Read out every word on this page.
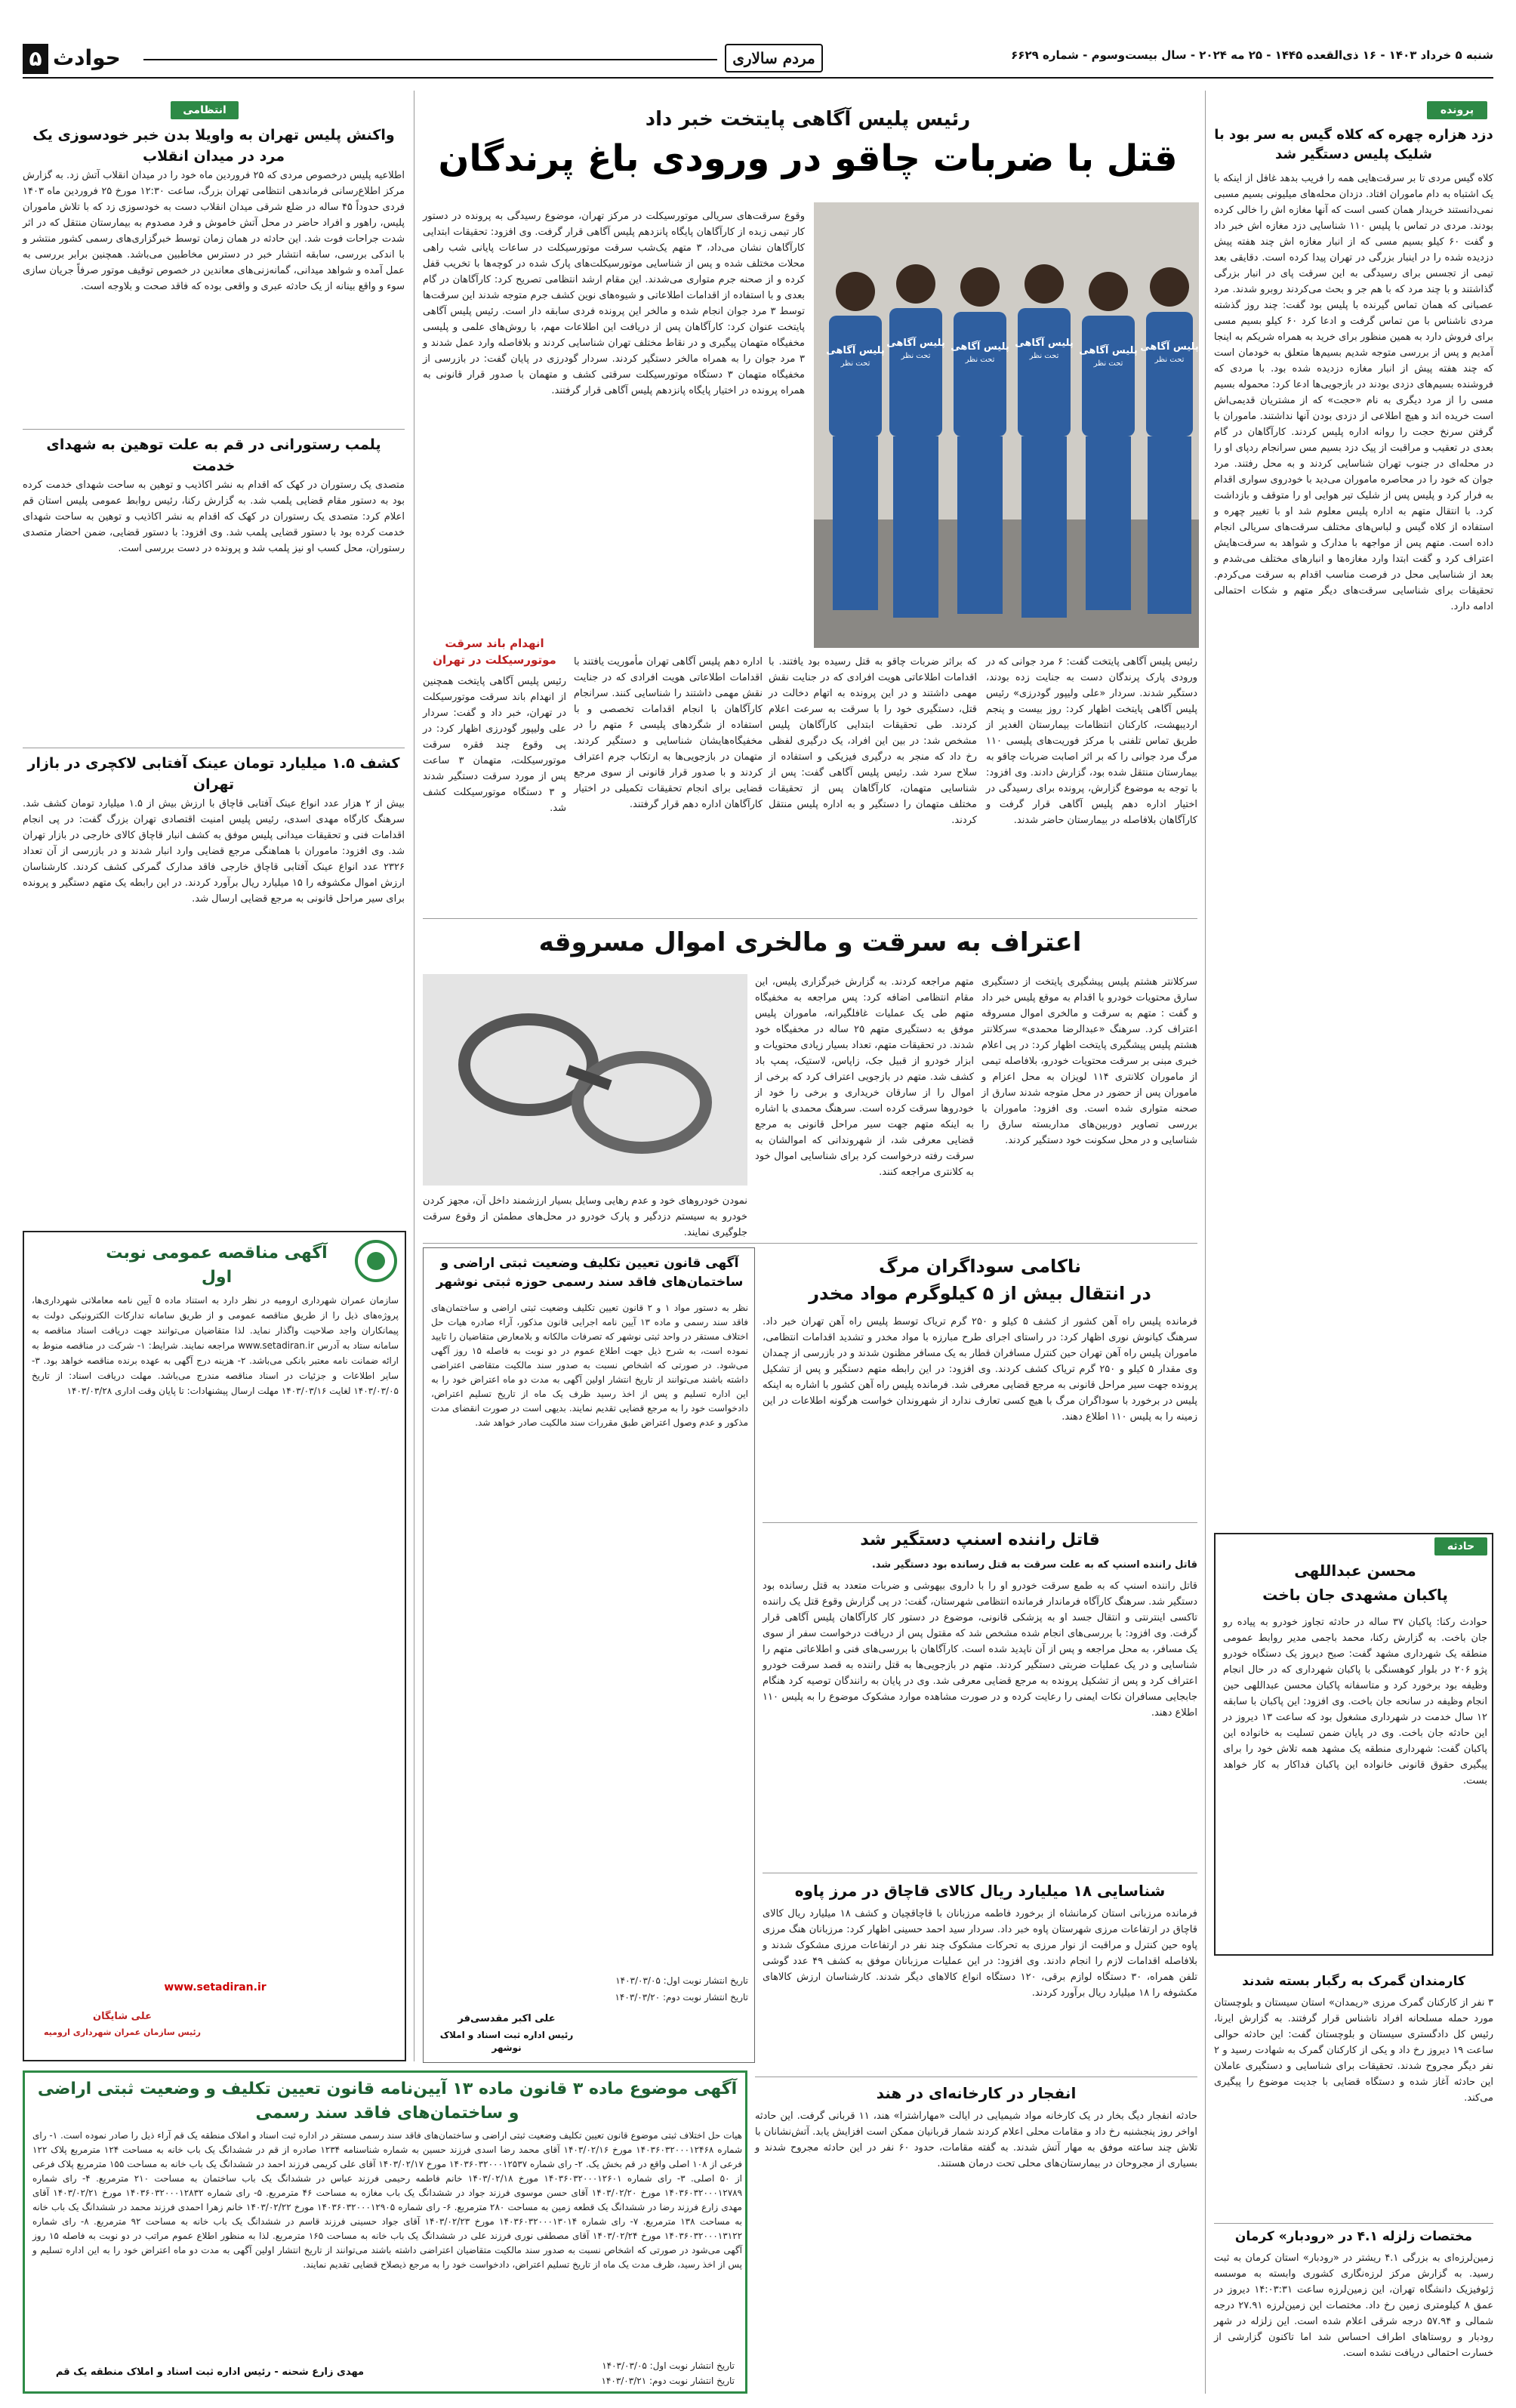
۵ حوادث	مردم سالاری	شنبه ۵ خرداد ۱۴۰۳ - ۱۶ ذی‌القعده ۱۴۴۵ - ۲۵ مه ۲۰۲۴ - سال بیست‌وسوم - شماره ۶۶۲۹
پرونده
دزد هزاره چهره که کلاه گیس به سر بود با شلیک پلیس دستگیر شد
کلاه گیس مردی تا بر سرقت‌هایی همه را فریب بدهد غافل از اینکه با یک اشتباه به دام ماموران افتاد. دزدان محله‌های میلیونی بسیم مسبی نمی‌دانستند خریدار همان کسی است که آنها مغازه اش را خالی کرده بودند. مردی در تماس با پلیس ۱۱۰ شناسایی دزد مغازه اش خبر داد و گفت ۶۰ کیلو بسیم مسی که از انبار مغازه اش چند هفته پیش دزدیده شده را در اینبار بزرگی در تهران پیدا کرده است. دقایقی بعد تیمی از تجسس برای رسیدگی به این سرقت پای در انبار بزرگی گذاشتند و با چند مرد که با هم جر و بحث می‌کردند روبرو شدند. مرد عصبانی که همان تماس گیرنده با پلیس بود گفت: چند روز گذشته مردی ناشناس با من تماس گرفت و ادعا کرد ۶۰ کیلو بسیم مسی برای فروش دارد به همین منظور برای خرید به همراه شریکم به اینجا آمدیم و پس از بررسی متوجه شدیم بسیم‌ها متعلق به خودمان است که چند هفته پیش از انبار مغازه دزدیده شده بود. با مردی که فروشنده بسیم‌های دزدی بودند در بازجویی‌ها ادعا کرد: محموله بسیم مسی را از مرد دیگری به نام «حجت» که از مشتریان قدیمی‌اش است خریده اند و هیچ اطلاعی از دزدی بودن آنها نداشتند. ماموران با گرفتن سرنخ حجت را روانه اداره پلیس کردند. کارآگاهان در گام بعدی در تعقیب و مراقبت از پیک دزد بسیم مس سرانجام ردپای او را در محله‌ای در جنوب تهران شناسایی کردند و به محل رفتند. مرد جوان که خود را در محاصره ماموران می‌دید با خودروی سواری اقدام به فرار کرد و پلیس پس از شلیک تیر هوایی او را متوقف و بازداشت کرد. با انتقال متهم به اداره پلیس معلوم شد او با تغییر چهره و استفاده از کلاه گیس و لباس‌های مختلف سرقت‌های سریالی انجام داده است. متهم پس از مواجهه با مدارک و شواهد به سرقت‌هایش اعتراف کرد و گفت ابتدا وارد مغازه‌ها و انبارهای مختلف می‌شدم و بعد از شناسایی محل در فرصت مناسب اقدام به سرقت می‌کردم. تحقیقات برای شناسایی سرقت‌های دیگر متهم و شکات احتمالی ادامه دارد.
حادثه
محسن عبداللهی
پاکبان مشهدی جان باخت
حوادث رکنا: پاکبان ۳۷ ساله در حادثه تجاوز خودرو به پیاده رو جان باخت. به گزارش رکنا، محمد باجمی مدیر روابط عمومی منطقه یک شهرداری مشهد گفت: صبح دیروز یک دستگاه خودرو پژو ۲۰۶ در بلوار کوهسنگی با پاکبان شهرداری که در حال انجام وظیفه بود برخورد کرد و متاسفانه پاکبان محسن عبداللهی حین انجام وظیفه در سانحه جان باخت. وی افزود: این پاکبان با سابقه ۱۲ سال خدمت در شهرداری مشغول بود که ساعت ۱۳ دیروز در این حادثه جان باخت. وی در پایان ضمن تسلیت به خانواده این پاکبان گفت: شهرداری منطقه یک مشهد همه تلاش خود را برای پیگیری حقوق قانونی خانواده این پاکبان فداکار به کار خواهد بست.
کارمندان گمرک به رگبار بسته شدند
۳ نفر از کارکنان گمرک مرزی «ریمدان» استان سیستان و بلوچستان مورد حمله مسلحانه افراد ناشناس قرار گرفتند. به گزارش ایرنا، رئیس کل دادگستری سیستان و بلوچستان گفت: این حادثه حوالی ساعت ۱۹ دیروز رخ داد و یکی از کارکنان گمرک به شهادت رسید و ۲ نفر دیگر مجروح شدند. تحقیقات برای شناسایی و دستگیری عاملان این حادثه آغاز شده و دستگاه قضایی با جدیت موضوع را پیگیری می‌کند.
مختصات زلزله ۴.۱ در «رودبار» کرمان
زمین‌لرزه‌ای به بزرگی ۴.۱ ریشتر در «رودبار» استان کرمان به ثبت رسید. به گزارش مرکز لرزه‌نگاری کشوری وابسته به موسسه ژئوفیزیک دانشگاه تهران، این زمین‌لرزه ساعت ۱۴:۰۳:۳۱ دیروز در عمق ۸ کیلومتری زمین رخ داد. مختصات این زمین‌لرزه ۲۷.۹۱ درجه شمالی و ۵۷.۹۴ درجه شرقی اعلام شده است. این زلزله در شهر رودبار و روستاهای اطراف احساس شد اما تاکنون گزارشی از خسارت احتمالی دریافت نشده است.
رئیس پلیس آگاهی پایتخت خبر داد
قتل با ضربات چاقو در ورودی باغ پرندگان
پلیس آگاهی
پلیس آگاهی پلیس آگاهی پلیس آگاهی
پلیس آگاهی پلیس آگاهی
تحت نظر
تحت نظر	تحت نظر	تحت نظر
تحت نظر	تحت نظر
وقوع سرقت‌های سریالی موتورسیکلت در مرکز تهران، موضوع رسیدگی به پرونده در دستور کار تیمی زبده از کارآگاهان پایگاه پانزدهم پلیس آگاهی قرار گرفت. وی افزود: تحقیقات ابتدایی کارآگاهان نشان می‌داد، ۳ متهم یک‌شب سرقت موتورسیکلت در ساعات پایانی شب راهی محلات مختلف شده و پس از شناسایی موتورسیکلت‌های پارک شده در کوچه‌ها با تخریب قفل کرده و از صحنه جرم متواری می‌شدند. این مقام ارشد انتظامی تصریح کرد: کارآگاهان در گام بعدی و با استفاده از اقدامات اطلاعاتی و شیوه‌های نوین کشف جرم متوجه شدند این سرقت‌ها توسط ۳ مرد جوان انجام شده و مالخر این پرونده فردی سابقه دار است. رئیس پلیس آگاهی پایتخت عنوان کرد: کارآگاهان پس از دریافت این اطلاعات مهم، با روش‌های علمی و پلیسی مخفیگاه متهمان پیگیری و در نقاط مختلف تهران شناسایی کردند و بلافاصله وارد عمل شدند و ۳ مرد جوان را به همراه مالخر دستگیر کردند. سردار گودرزی در پایان گفت: در بازرسی از مخفیگاه متهمان ۳ دستگاه موتورسیکلت سرقتی کشف و متهمان با صدور قرار قانونی به همراه پرونده در اختیار پایگاه پانزدهم پلیس آگاهی قرار گرفتند.
انهدام باند سرقت
موتورسیکلت در تهران	رئیس پلیس آگاهی پایتخت گفت: ۶ مرد جوانی که در ورودی پارک پرندگان دست به جنایت زده بودند، دستگیر شدند. سردار «علی ولیپور گودرزی» رئیس پلیس آگاهی پایتخت اظهار کرد: روز بیست و پنجم اردیبهشت، کارکنان انتظامات بیمارستان الغدیر از طریق تماس تلفنی با مرکز فوریت‌های پلیسی ۱۱۰ مرگ مرد جوانی را که بر اثر اصابت ضربات چاقو به بیمارستان منتقل شده بود، گزارش دادند. وی افزود: با توجه به موضوع گزارش، پرونده برای رسیدگی در اختیار اداره دهم پلیس آگاهی قرار گرفت و کارآگاهان بلافاصله در بیمارستان حاضر شدند.
که براثر ضربات چاقو به قتل رسیده بود یافتند. با اقدامات اطلاعاتی هویت افرادی که در جنایت نقش مهمی داشتند و در این پرونده به اتهام دخالت در قتل، دستگیری خود را با سرقت به سرعت اعلام کردند. طی تحقیقات ابتدایی کارآگاهان پلیس مشخص شد: در بین این افراد، یک درگیری لفظی رخ داد که منجر به درگیری فیزیکی و استفاده از سلاح سرد شد. رئیس پلیس آگاهی گفت: پس از شناسایی متهمان، کارآگاهان پس از تحقیقات مختلف متهمان را دستگیر و به اداره پلیس منتقل کردند.
اداره دهم پلیس آگاهی تهران مأموریت یافتند با اقدامات اطلاعاتی هویت افرادی که در جنایت نقش مهمی داشتند را شناسایی کنند. سرانجام کارآگاهان با انجام اقدامات تخصصی و با استفاده از شگردهای پلیسی ۶ متهم را در مخفیگاه‌هایشان شناسایی و دستگیر کردند. متهمان در بازجویی‌ها به ارتکاب جرم اعتراف کردند و با صدور قرار قانونی از سوی مرجع قضایی برای انجام تحقیقات تکمیلی در اختیار کارآگاهان اداره دهم قرار گرفتند.
رئیس پلیس آگاهی پایتخت همچنین از انهدام باند سرقت موتورسیکلت در تهران، خبر داد و گفت: سردار علی ولیپور گودرزی اظهار کرد: در پی وقوع چند فقره سرقت موتورسیکلت، متهمان ۳ ساعت پس از مورد سرقت دستگیر شدند و ۳ دستگاه موتورسیکلت کشف شد.
اعتراف به سرقت و مالخری اموال مسروقه
سرکلانتر هشتم پلیس پیشگیری پایتخت از دستگیری سارق محتویات خودرو با اقدام به موقع پلیس خبر داد و گفت : متهم به سرقت و مالخری اموال مسروقه اعتراف کرد. سرهنگ «عبدالرضا محمدی» سرکلانتر هشتم پلیس پیشگیری پایتخت اظهار کرد: در پی اعلام خبری مبنی بر سرقت محتویات خودرو، بلافاصله تیمی از ماموران کلانتری ۱۱۴ لویزان به محل اعزام و ماموران پس از حضور در محل متوجه شدند سارق از صحنه متواری شده است. وی افزود: ماموران با بررسی تصاویر دوربین‌های مداربسته سارق را شناسایی و در محل سکونت خود دستگیر کردند.
متهم مراجعه کردند. به گزارش خبرگزاری پلیس، این مقام انتظامی اضافه کرد: پس مراجعه به مخفیگاه متهم طی یک عملیات غافلگیرانه، ماموران پلیس موفق به دستگیری متهم ۲۵ ساله در مخفیگاه خود شدند. در تحقیقات متهم، تعداد بسیار زیادی محتویات و ابزار خودرو از قبیل جک، زاپاس، لاستیک، پمپ باد کشف شد. متهم در بازجویی اعتراف کرد که برخی از اموال را از سارقان خریداری و برخی را خود از خودروها سرقت کرده است. سرهنگ محمدی با اشاره به اینکه متهم جهت سیر مراحل قانونی به مرجع قضایی معرفی شد، از شهروندانی که اموالشان به سرقت رفته درخواست کرد برای شناسایی اموال خود به کلانتری مراجعه کنند.
نمودن خودروهای خود و عدم رهایی وسایل بسیار ارزشمند داخل آن، مجهز کردن خودرو به سیستم دزدگیر و پارک خودرو در محل‌های مطمئن از وقوع سرقت جلوگیری نمایند.
آگهی قانون تعیین تکلیف وضعیت ثبتی اراضی و ساختمان‌های فاقد سند رسمی حوزه ثبتی نوشهر
نظر به دستور مواد ۱ و ۲ قانون تعیین تکلیف وضعیت ثبتی اراضی و ساختمان‌های فاقد سند رسمی و ماده ۱۳ آیین نامه اجرایی قانون مذکور، آراء صادره هیات حل اختلاف مستقر در واحد ثبتی نوشهر که تصرفات مالکانه و بلامعارض متقاضیان را تایید نموده است، به شرح ذیل جهت اطلاع عموم در دو نوبت به فاصله ۱۵ روز آگهی می‌شود. در صورتی که اشخاص نسبت به صدور سند مالکیت متقاضی اعتراضی داشته باشند می‌توانند از تاریخ انتشار اولین آگهی به مدت دو ماه اعتراض خود را به این اداره تسلیم و پس از اخذ رسید ظرف یک ماه از تاریخ تسلیم اعتراض، دادخواست خود را به مرجع قضایی تقدیم نمایند. بدیهی است در صورت انقضای مدت مذکور و عدم وصول اعتراض طبق مقررات سند مالکیت صادر خواهد شد.
تاریخ انتشار نوبت اول: ۱۴۰۳/۰۳/۰۵
تاریخ انتشار نوبت دوم: ۱۴۰۳/۰۳/۲۰
علی اکبر مقدسی‌فر
رئیس اداره ثبت اسناد و املاک نوشهر
ناکامی سوداگران مرگ
در انتقال بیش از ۵ کیلوگرم مواد مخدر
فرمانده پلیس راه آهن کشور از کشف ۵ کیلو و ۲۵۰ گرم تریاک توسط پلیس راه آهن تهران خبر داد. سرهنگ کیانوش نوری اظهار کرد: در راستای اجرای طرح مبارزه با مواد مخدر و تشدید اقدامات انتظامی، ماموران پلیس راه آهن تهران حین کنترل مسافران قطار به یک مسافر مظنون شدند و در بازرسی از چمدان وی مقدار ۵ کیلو و ۲۵۰ گرم تریاک کشف کردند. وی افزود: در این رابطه متهم دستگیر و پس از تشکیل پرونده جهت سیر مراحل قانونی به مرجع قضایی معرفی شد. فرمانده پلیس راه آهن کشور با اشاره به اینکه پلیس در برخورد با سوداگران مرگ با هیچ کسی تعارف ندارد از شهروندان خواست هرگونه اطلاعات در این زمینه را به پلیس ۱۱۰ اطلاع دهند.
قاتل راننده اسنپ دستگیر شد
قاتل راننده اسنپ که به علت سرقت به قتل رسانده بود دستگیر شد.
قاتل راننده اسنپ که به طمع سرقت خودرو او را با داروی بیهوشی و ضربات متعدد به قتل رسانده بود دستگیر شد. سرهنگ کارآگاه فرماندار فرمانده انتظامی شهرستان، گفت: در پی گزارش وقوع قتل یک راننده تاکسی اینترنتی و انتقال جسد او به پزشکی قانونی، موضوع در دستور کار کارآگاهان پلیس آگاهی قرار گرفت. وی افزود: با بررسی‌های انجام شده مشخص شد که مقتول پس از دریافت درخواست سفر از سوی یک مسافر، به محل مراجعه و پس از آن ناپدید شده است. کارآگاهان با بررسی‌های فنی و اطلاعاتی متهم را شناسایی و در یک عملیات ضربتی دستگیر کردند. متهم در بازجویی‌ها به قتل راننده به قصد سرقت خودرو اعتراف کرد و پس از تشکیل پرونده به مرجع قضایی معرفی شد. وی در پایان به رانندگان توصیه کرد هنگام جابجایی مسافران نکات ایمنی را رعایت کرده و در صورت مشاهده موارد مشکوک موضوع را به پلیس ۱۱۰ اطلاع دهند.
آگهی موضوع ماده ۳ قانون ماده ۱۳ آیین‌نامه قانون تعیین تکلیف و وضعیت ثبتی اراضی و ساختمان‌های فاقد سند رسمی
هیات حل اختلاف ثبتی موضوع قانون تعیین تکلیف وضعیت ثبتی اراضی و ساختمان‌های فاقد سند رسمی مستقر در اداره ثبت اسناد و املاک منطقه یک قم آراء ذیل را صادر نموده است. ۱- رای شماره ۱۴۰۳۶۰۳۲۰۰۰۱۲۴۶۸ مورخ ۱۴۰۳/۰۲/۱۶ آقای محمد رضا اسدی فرزند حسین به شماره شناسنامه ۱۲۳۴ صادره از قم در ششدانگ یک باب خانه به مساحت ۱۲۴ مترمربع پلاک ۱۲۲ فرعی از ۱۰۸ اصلی واقع در قم بخش یک. ۲- رای شماره ۱۴۰۳۶۰۳۲۰۰۰۱۲۵۳۷ مورخ ۱۴۰۳/۰۲/۱۷ آقای علی کریمی فرزند احمد در ششدانگ یک باب خانه به مساحت ۱۵۵ مترمربع پلاک فرعی از ۵۰ اصلی. ۳- رای شماره ۱۴۰۳۶۰۳۲۰۰۰۱۲۶۰۱ مورخ ۱۴۰۳/۰۲/۱۸ خانم فاطمه رحیمی فرزند عباس در ششدانگ یک باب ساختمان به مساحت ۲۱۰ مترمربع. ۴- رای شماره ۱۴۰۳۶۰۳۲۰۰۰۱۲۷۸۹ مورخ ۱۴۰۳/۰۲/۲۰ آقای حسن موسوی فرزند جواد در ششدانگ یک باب مغازه به مساحت ۴۶ مترمربع. ۵- رای شماره ۱۴۰۳۶۰۳۲۰۰۰۱۲۸۳۲ مورخ ۱۴۰۳/۰۲/۲۱ آقای مهدی زارع فرزند رضا در ششدانگ یک قطعه زمین به مساحت ۲۸۰ مترمربع. ۶- رای شماره ۱۴۰۳۶۰۳۲۰۰۰۱۲۹۰۵ مورخ ۱۴۰۳/۰۲/۲۲ خانم زهرا احمدی فرزند محمد در ششدانگ یک باب خانه به مساحت ۱۳۸ مترمربع. ۷- رای شماره ۱۴۰۳۶۰۳۲۰۰۰۱۳۰۱۴ مورخ ۱۴۰۳/۰۲/۲۳ آقای جواد حسینی فرزند قاسم در ششدانگ یک باب خانه به مساحت ۹۲ مترمربع. ۸- رای شماره ۱۴۰۳۶۰۳۲۰۰۰۱۳۱۲۲ مورخ ۱۴۰۳/۰۲/۲۴ آقای مصطفی نوری فرزند علی در ششدانگ یک باب خانه به مساحت ۱۶۵ مترمربع. لذا به منظور اطلاع عموم مراتب در دو نوبت به فاصله ۱۵ روز آگهی می‌شود در صورتی که اشخاص نسبت به صدور سند مالکیت متقاضیان اعتراضی داشته باشند می‌توانند از تاریخ انتشار اولین آگهی به مدت دو ماه اعتراض خود را به این اداره تسلیم و پس از اخذ رسید، ظرف مدت یک ماه از تاریخ تسلیم اعتراض، دادخواست خود را به مرجع ذیصلاح قضایی تقدیم نمایند.
تاریخ انتشار نوبت اول: ۱۴۰۳/۰۳/۰۵
تاریخ انتشار نوبت دوم: ۱۴۰۳/۰۳/۲۱
مهدی زارع شحنه - رئیس اداره ثبت اسناد و املاک منطقه یک قم
شناسایی ۱۸ میلیارد ریال کالای قاچاق در مرز پاوه
فرمانده مرزبانی استان کرمانشاه از برخورد فاطمه مرزبانان با قاچاقچیان و کشف ۱۸ میلیارد ریال کالای قاچاق در ارتفاعات مرزی شهرستان پاوه خبر داد. سردار سید احمد حسینی اظهار کرد: مرزبانان هنگ مرزی پاوه حین کنترل و مراقبت از نوار مرزی به تحرکات مشکوک چند نفر در ارتفاعات مرزی مشکوک شدند و بلافاصله اقدامات لازم را انجام دادند. وی افزود: در این عملیات مرزبانان موفق به کشف ۴۹ عدد گوشی تلفن همراه، ۳۰ دستگاه لوازم برقی، ۱۲۰ دستگاه انواع کالاهای دیگر شدند. کارشناسان ارزش کالاهای مکشوفه را ۱۸ میلیارد ریال برآورد کردند.
انفجار در کارخانه‌ای در هند
حادثه انفجار دیگ بخار در یک کارخانه مواد شیمیایی در ایالت «مهاراشترا» هند، ۱۱ قربانی گرفت. این حادثه اواخر روز پنجشنبه رخ داد و مقامات محلی اعلام کردند شمار قربانیان ممکن است افزایش یابد. آتش‌نشانان با تلاش چند ساعته موفق به مهار آتش شدند. به گفته مقامات، حدود ۶۰ نفر در این حادثه مجروح شدند و بسیاری از مجروحان در بیمارستان‌های محلی تحت درمان هستند.
انتظامی
واکنش پلیس تهران به واویلا بدن خبر خودسوزی یک مرد در میدان انقلاب
اطلاعیه پلیس درخصوص مردی که ۲۵ فروردین ماه خود را در میدان انقلاب آتش زد. به گزارش مرکز اطلاع‌رسانی فرماندهی انتظامی تهران بزرگ، ساعت ۱۲:۳۰ مورخ ۲۵ فروردین ماه ۱۴۰۳ فردی حدوداً ۴۵ ساله در ضلع شرقی میدان انقلاب دست به خودسوزی زد که با تلاش ماموران پلیس، راهور و افراد حاضر در محل آتش خاموش و فرد مصدوم به بیمارستان منتقل که در اثر شدت جراحات فوت شد. این حادثه در همان زمان توسط خبرگزاری‌های رسمی کشور منتشر و با اندکی بررسی، سابقه انتشار خبر در دسترس مخاطبین می‌باشد. همچنین برابر بررسی به عمل آمده و شواهد میدانی، گمانه‌زنی‌های معاندین در خصوص توقیف موتور صرفاً جریان سازی سوء و واقع بینانه از یک حادثه عبری و واقعی بوده که فاقد صحت و بلاوجه است.
پلمب رستورانی در قم به علت توهین به شهدای خدمت
متصدی یک رستوران در کهک که اقدام به نشر اکاذیب و توهین به ساحت شهدای خدمت کرده بود به دستور مقام قضایی پلمب شد. به گزارش رکنا، رئیس روابط عمومی پلیس استان قم اعلام کرد: متصدی یک رستوران در کهک که اقدام به نشر اکاذیب و توهین به ساحت شهدای خدمت کرده بود با دستور قضایی پلمب شد. وی افزود: با دستور قضایی، ضمن احضار متصدی رستوران، محل کسب او نیز پلمب شد و پرونده در دست بررسی است.
کشف ۱.۵ میلیارد تومان عینک آفتابی لاکچری در بازار تهران
بیش از ۲ هزار عدد انواع عینک آفتابی قاچاق با ارزش بیش از ۱.۵ میلیارد تومان کشف شد. سرهنگ کارگاه مهدی اسدی، رئیس پلیس امنیت اقتصادی تهران بزرگ گفت: در پی انجام اقدامات فنی و تحقیقات میدانی پلیس موفق به کشف انبار قاچاق کالای خارجی در بازار تهران شد. وی افزود: ماموران با هماهنگی مرجع قضایی وارد انبار شدند و در بازرسی از آن تعداد ۲۳۲۶ عدد انواع عینک آفتابی قاچاق خارجی فاقد مدارک گمرکی کشف کردند. کارشناسان ارزش اموال مکشوفه را ۱۵ میلیارد ریال برآورد کردند. در این رابطه یک متهم دستگیر و پرونده برای سیر مراحل قانونی به مرجع قضایی ارسال شد.
آگهی مناقصه عمومی نوبت اول
سازمان عمران شهرداری ارومیه در نظر دارد به استناد ماده ۵ آیین نامه معاملاتی شهرداری‌ها، پروژه‌های ذیل را از طریق مناقصه عمومی و از طریق سامانه تدارکات الکترونیکی دولت به پیمانکاران واجد صلاحیت واگذار نماید. لذا متقاضیان می‌توانند جهت دریافت اسناد مناقصه به سامانه ستاد به آدرس www.setadiran.ir مراجعه نمایند. شرایط: ۱- شرکت در مناقصه منوط به ارائه ضمانت نامه معتبر بانکی می‌باشد. ۲- هزینه درج آگهی به عهده برنده مناقصه خواهد بود. ۳- سایر اطلاعات و جزئیات در اسناد مناقصه مندرج می‌باشد. مهلت دریافت اسناد: از تاریخ ۱۴۰۳/۰۳/۰۵ لغایت ۱۴۰۳/۰۳/۱۶ مهلت ارسال پیشنهادات: تا پایان وقت اداری ۱۴۰۳/۰۳/۲۸
www.setadiran.ir
علی شایگان
رئیس سازمان عمران شهرداری ارومیه
